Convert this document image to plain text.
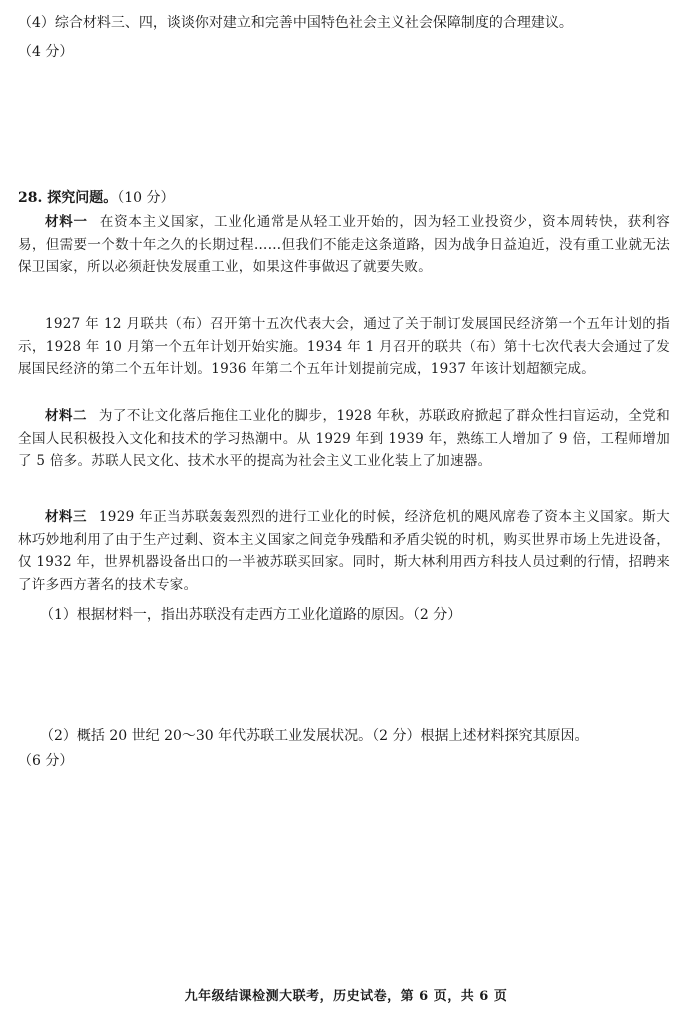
（4）综合材料三、四，谈谈你对建立和完善中国特色社会主义社会保障制度的合理建议。
（4 分）
28. 探究问题。（10 分）
材料一 在资本主义国家，工业化通常是从轻工业开始的，因为轻工业投资少，资本周转快，获利容易，但需要一个数十年之久的长期过程……但我们不能走这条道路，因为战争日益迫近，没有重工业就无法保卫国家，所以必须赶快发展重工业，如果这件事做迟了就要失败。
1927 年 12 月联共（布）召开第十五次代表大会，通过了关于制订发展国民经济第一个五年计划的指示，1928 年 10 月第一个五年计划开始实施。1934 年 1 月召开的联共（布）第十七次代表大会通过了发展国民经济的第二个五年计划。1936 年第二个五年计划提前完成，1937 年该计划超额完成。
材料二 为了不让文化落后拖住工业化的脚步，1928 年秋，苏联政府掀起了群众性扫盲运动，全党和全国人民积极投入文化和技术的学习热潮中。从 1929 年到 1939 年，熟练工人增加了 9 倍，工程师增加了 5 倍多。苏联人民文化、技术水平的提高为社会主义工业化装上了加速器。
材料三 1929 年正当苏联轰轰烈烈的进行工业化的时候，经济危机的飓风席卷了资本主义国家。斯大林巧妙地利用了由于生产过剩、资本主义国家之间竞争残酷和矛盾尖锐的时机，购买世界市场上先进设备，仅 1932 年，世界机器设备出口的一半被苏联买回家。同时，斯大林利用西方科技人员过剩的行情，招聘来了许多西方著名的技术专家。
（1）根据材料一，指出苏联没有走西方工业化道路的原因。（2 分）
（2）概括 20 世纪 20～30 年代苏联工业发展状况。（2 分）根据上述材料探究其原因。
（6 分）
九年级结课检测大联考，历史试卷，第 6 页，共 6 页
